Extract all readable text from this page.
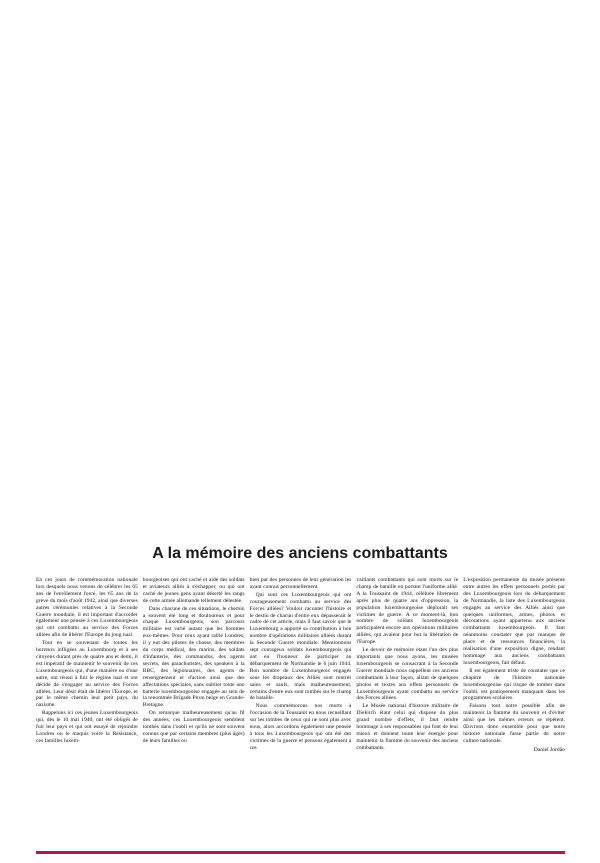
A la mémoire des anciens combattants

En ces jours de commémoration nationale lors desquels nous venons de célébrer les 65 ans de l'enrôlement forcé, les 65 ans de la grève du mois d'août 1942, ainsi que diverses autres cérémonies relatives à la Seconde Guerre mondiale, il est important d'accorder également une pensée à ces Luxembourgeois qui ont combattu au service des Forces alliées afin de libérer l'Europe du joug nazi.

Tout en se souvenant de toutes les horreurs infligées au Luxembourg et à ses citoyens durant près de quatre ans et demi, il est impératif de maintenir le souvenir de ces Luxembourgeois qui, d'une manière ou d'une autre, ont réussi à fuir le régime nazi et ont décidé de s'engager au service des Forces alliées. Leur désir était de libérer l'Europe, et par le même chemin leur petit pays, du nazisme.

Rappelons ici ces jeunes Luxembourgeois qui, dès le 10 mai 1940, ont été obligés de fuir leur pays et qui ont essayé de rejoindre Londres ou le maquis voire la Résistance, ces familles luxem-

bourgeoises qui ont caché et aidé des soldats et aviateurs alliés à s'échapper, ou qui ont caché de jeunes gens ayant déserté les rangs de cette armée allemande tellement détestée.

Dans chacune de ces situations, le chemin a souvent été long et douloureux et pour chaque Luxembourgeois, son parcours militaire est varié autant que les hommes eux-mêmes. Pour ceux ayant rallié Londres, il y eut des pilotes de chasse, des membres du corps médical, des marins, des soldats d'infanterie, des commandos, des agents secrets, des parachutistes, des speakers à la BBC, des légionnaires, des agents de renseignement et d'action ainsi que des affectations spéciales, sans oublier toute une batterie luxembourgeoise engagée au sein de la renommée Brigade Piron belge en Grande-Bretagne.

On remarque malheureusement qu'au fil des années, ces Luxembourgeois semblent tombés dans l'oubli et qu'ils ne sont souvent connus que par certains membres (plus âgés) de leurs familles ou

bien par des personnes de leur génération les ayant connus personnellement.

Qui sont ces Luxembourgeois qui ont courageusement combattu au service des Forces alliées? Vouloir raconter l'histoire et le destin de chacun d'entre eux dépasserait le cadre de cet article, mais il faut savoir que le Luxembourg a apporté sa contribution à bon nombre d'opérations militaires alliées durant la Seconde Guerre mondiale. Mentionnons sept courageux soldats luxembourgeois qui ont eu l'honneur de participer au débarquement de Normandie le 6 juin 1944. Bon nombre de Luxembourgeois engagés sous les drapeaux des Alliés sont rentrés sains et saufs, mais malheureusement, certains d'entre eux sont tombés sur le champ de bataille.

Nous commémorons nos morts à l'occasion de la Toussaint en nous recueillant sur les tombes de ceux qui ne sont plus avec nous, alors accordons également une pensée à tous les Luxembourgeois qui ont été des victimes de la guerre et pensons également à ces

vaillants combattants qui sont morts sur le champ de bataille en portant l'uniforme allié. A la Toussaint de 1944, célébrée librement après plus de quatre ans d'oppression, la population luxembourgeoise déplorait ses victimes de guerre. A ce moment-là, bon nombre de soldats luxembourgeois participaient encore aux opérations militaires alliées, qui avaient pour but la libération de l'Europe.

Le devoir de mémoire étant l'un des plus importants que nous ayons, les musées luxembourgeois se consacrant à la Seconde Guerre mondiale nous rappellent ces anciens combattants à leur façon, allant de quelques photos et textes aux effets personnels de Luxembourgeois ayant combattu au service des Forces alliées.

Le Musée national d'histoire militaire de Diekirch étant celui qui dispose du plus grand nombre d'effets, il faut rendre hommage à ses responsables qui font de leur mieux et donnent toute leur énergie pour maintenir la flamme du souvenir des anciens combattants.

L'exposition permanente du musée présente entre autres les effets personnels portés par des Luxembourgeois lors du débarquement de Normandie, la liste des Luxembourgeois engagés au service des Alliés ainsi que quelques uniformes, armes, photos et décorations ayant appartenu aux anciens combattants luxembourgeois. Il faut néanmoins constater que par manque de place et de ressources financières, la réalisation d'une exposition digne, rendant hommage aux anciens combattants luxembourgeois, fait défaut.

Il est également triste de constater que ce chapitre de l'histoire nationale luxembourgeoise qui risque de tomber dans l'oubli, est pratiquement manquant dans les programmes scolaires.

Faisons tout notre possible afin de maintenir la flamme du souvenir et d'éviter ainsi que les mêmes erreurs se répètent. Œuvrons donc ensemble pour que notre histoire nationale fasse partie de notre culture nationale.

Daniel Jordão
